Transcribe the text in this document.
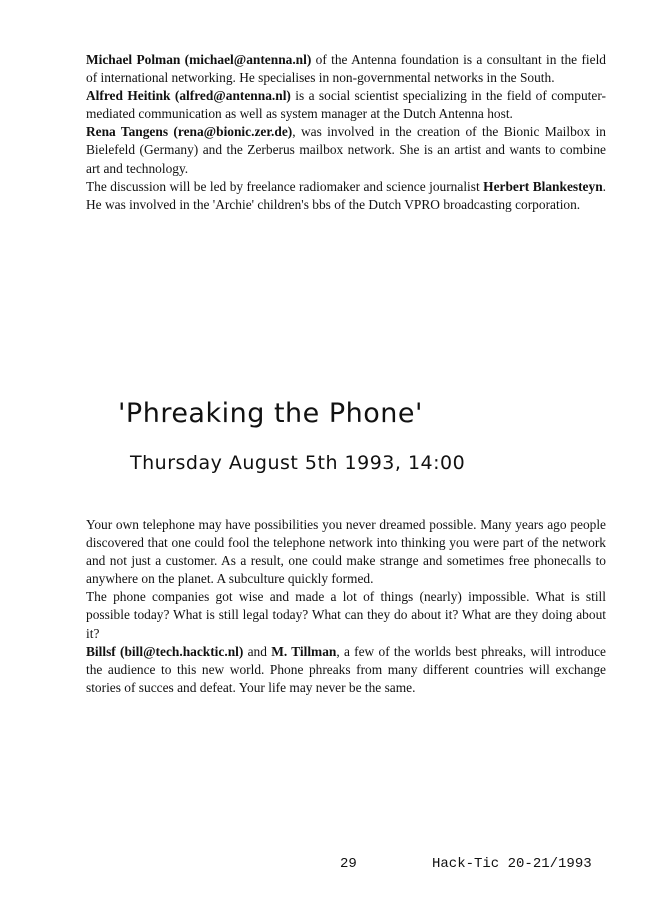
Michael Polman (michael@antenna.nl) of the Antenna foundation is a consultant in the field of international networking. He specialises in non-governmental networks in the South.

Alfred Heitink (alfred@antenna.nl) is a social scientist specializing in the field of computer-mediated communication as well as system manager at the Dutch Antenna host.

Rena Tangens (rena@bionic.zer.de), was involved in the creation of the Bionic Mailbox in Bielefeld (Germany) and the Zerberus mailbox network. She is an artist and wants to combine art and technology.

The discussion will be led by freelance radiomaker and science journalist Herbert Blankesteyn. He was involved in the 'Archie' children's bbs of the Dutch VPRO broadcasting corporation.

'Phreaking the Phone'
Thursday August 5th 1993, 14:00

Your own telephone may have possibilities you never dreamed possible. Many years ago people discovered that one could fool the telephone network into thinking you were part of the network and not just a customer. As a result, one could make strange and sometimes free phonecalls to anywhere on the planet. A subculture quickly formed.

The phone companies got wise and made a lot of things (nearly) impossible. What is still possible today? What is still legal today? What can they do about it? What are they doing about it?

Billsf (bill@tech.hacktic.nl) and M. Tillman, a few of the worlds best phreaks, will introduce the audience to this new world. Phone phreaks from many different countries will exchange stories of succes and defeat. Your life may never be the same.

29	Hack-Tic 20-21/1993
